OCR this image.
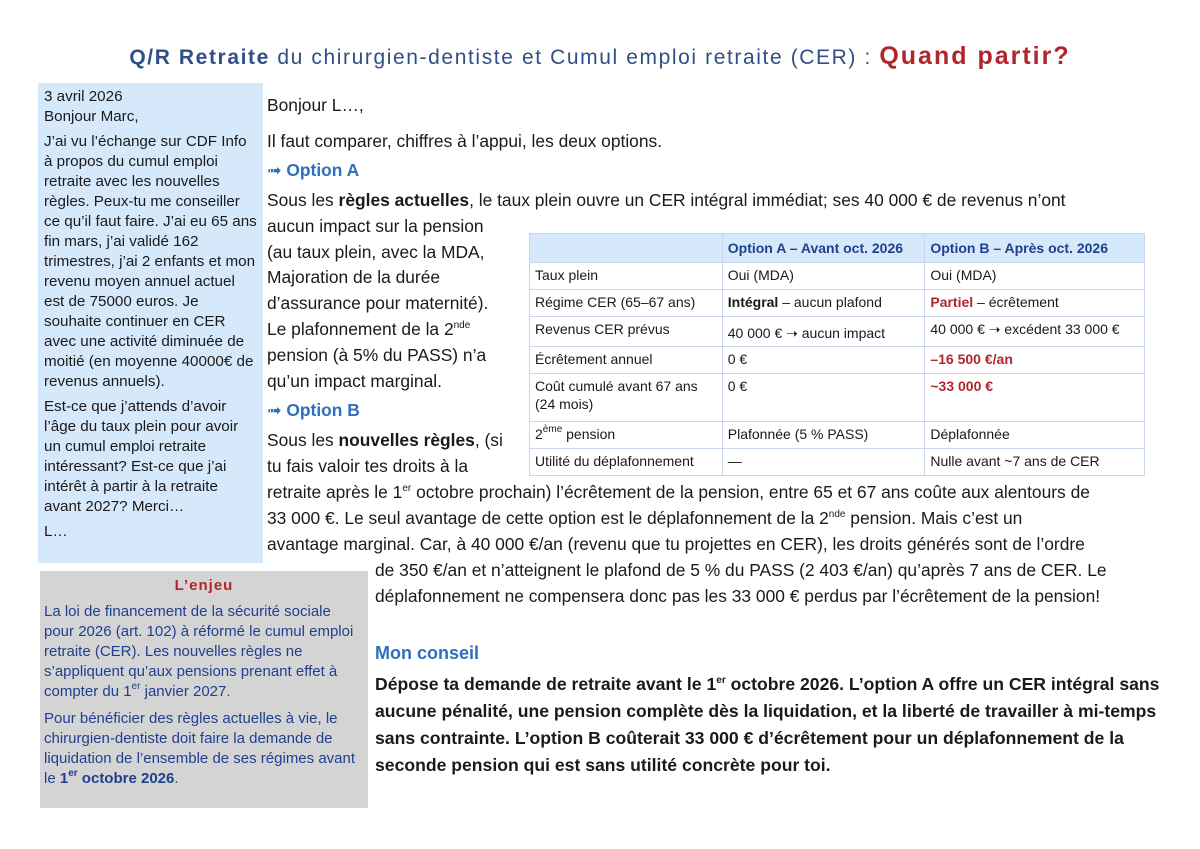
Q/R Retraite du chirurgien-dentiste et Cumul emploi retraite (CER) : Quand partir?

3 avril 2026

Bonjour Marc,

J’ai vu l’échange sur CDF Info à propos du cumul emploi retraite avec les nouvelles règles. Peux-tu me conseiller ce qu’il faut faire. J’ai eu 65 ans fin mars, j’ai validé 162 trimestres, j’ai 2 enfants et mon revenu moyen annuel actuel est de 75000 euros. Je souhaite continuer en CER avec une activité diminuée de moitié (en moyenne 40000€ de revenus annuels).

Est-ce que j’attends d’avoir l’âge du taux plein pour avoir un cumul emploi retraite intéressant? Est-ce que j’ai intérêt à partir à la retraite avant 2027? Merci…

L…

L’enjeu

La loi de financement de la sécurité sociale pour 2026 (art. 102) à réformé le cumul emploi retraite (CER). Les nouvelles règles ne s’appliquent qu’aux pensions prenant effet à compter du 1er janvier 2027.

Pour bénéficier des règles actuelles à vie, le chirurgien-dentiste doit faire la demande de liquidation de l’ensemble de ses régimes avant le 1er octobre 2026.

Bonjour L…,
Il faut comparer, chiffres à l’appui, les deux options.
➟ Option A
Sous les règles actuelles, le taux plein ouvre un CER intégral immédiat; ses 40 000 € de revenus n’ont
aucun impact sur la pension
(au taux plein, avec la MDA,
Majoration de la durée
d’assurance pour maternité).
Le plafonnement de la 2nde
pension (à 5% du PASS) n’a
qu’un impact marginal.
➟ Option B
Sous les nouvelles règles, (si
tu fais valoir tes droits à la
retraite après le 1er octobre prochain) l’écrêtement de la pension, entre 65 et 67 ans coûte aux alentours de
33 000 €. Le seul avantage de cette option est le déplafonnement de la 2nde pension. Mais c’est un
avantage marginal. Car, à 40 000 €/an (revenu que tu projettes en CER), les droits générés sont de l’ordre
de 350 €/an et n’atteignent le plafond de 5 % du PASS (2 403 €/an) qu’après 7 ans de CER. Le
déplafonnement ne compensera donc pas les 33 000 € perdus par l’écrêtement de la pension!
	Option A – Avant oct. 2026	Option B – Après oct. 2026
Taux plein	Oui (MDA)	Oui (MDA)
Régime CER (65–67 ans)	Intégral – aucun plafond	Partiel – écrêtement
Revenus CER prévus	40 000 € ➝ aucun impact	40 000 € ➝ excédent 33 000 €
Écrêtement annuel	0 €	–16 500 €/an
Coût cumulé avant 67 ans (24 mois)	0 €	~33 000 €
2ème pension	Plafonnée (5 % PASS)	Déplafonnée
Utilité du déplafonnement	—	Nulle avant ~7 ans de CER
Mon conseil
Dépose ta demande de retraite avant le 1er octobre 2026. L’option A offre un CER intégral sans aucune pénalité, une pension complète dès la liquidation, et la liberté de travailler à mi-temps sans contrainte. L’option B coûterait 33 000 € d’écrêtement pour un déplafonnement de la seconde pension qui est sans utilité concrète pour toi.
